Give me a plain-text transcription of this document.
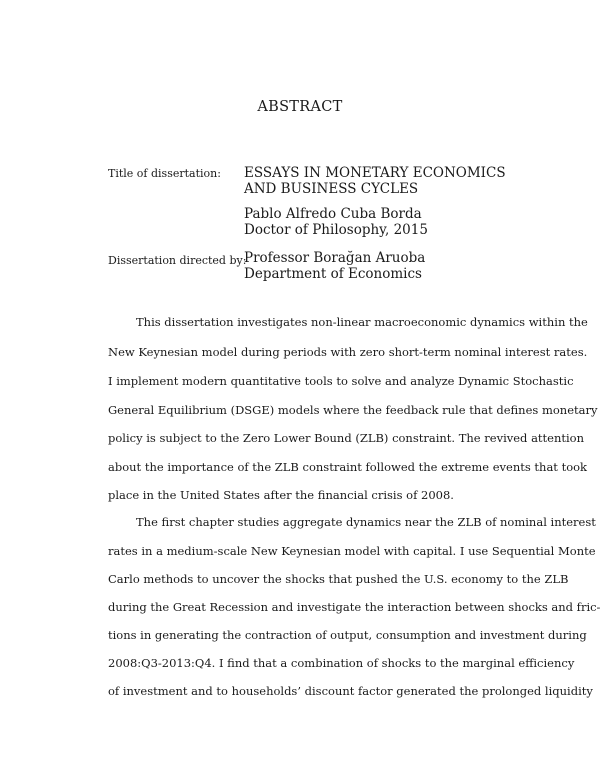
ABSTRACT
Title of dissertation: ESSAYS IN MONETARY ECONOMICS
AND BUSINESS CYCLES
Pablo Alfredo Cuba Borda
Doctor of Philosophy, 2015
Dissertation directed by:
Professor Borağan Aruoba
Department of Economics
This dissertation investigates non-linear macroeconomic dynamics within the
New Keynesian model during periods with zero short-term nominal interest rates.
I implement modern quantitative tools to solve and analyze Dynamic Stochastic
General Equilibrium (DSGE) models where the feedback rule that defines monetary
policy is subject to the Zero Lower Bound (ZLB) constraint. The revived attention
about the importance of the ZLB constraint followed the extreme events that took
place in the United States after the financial crisis of 2008.
The first chapter studies aggregate dynamics near the ZLB of nominal interest
rates in a medium-scale New Keynesian model with capital. I use Sequential Monte
Carlo methods to uncover the shocks that pushed the U.S. economy to the ZLB
during the Great Recession and investigate the interaction between shocks and fric-
tions in generating the contraction of output, consumption and investment during
2008:Q3-2013:Q4. I find that a combination of shocks to the marginal efficiency
of investment and to households’ discount factor generated the prolonged liquidity
